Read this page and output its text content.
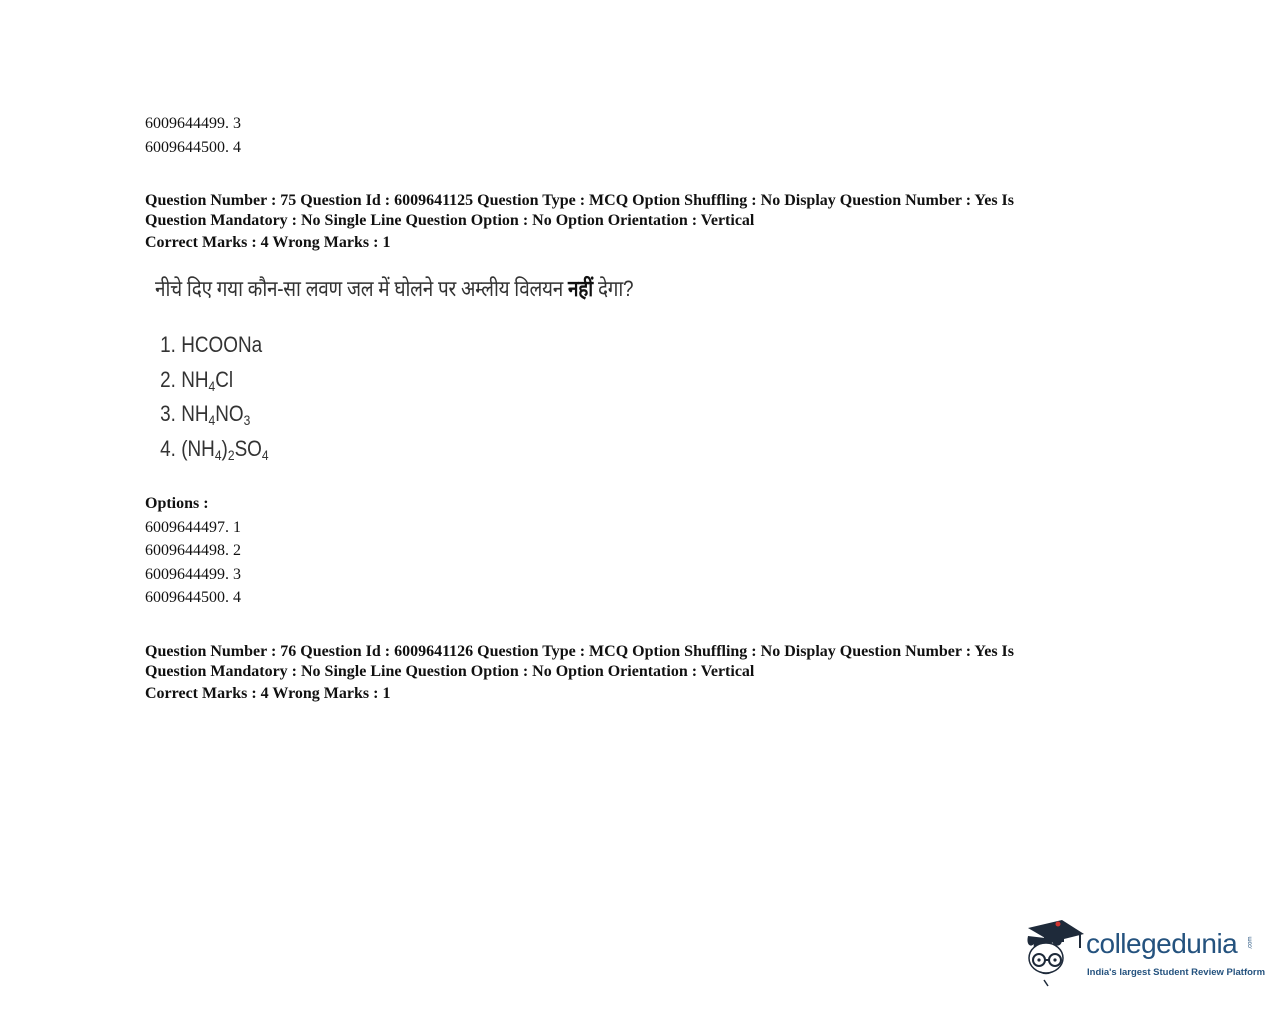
6009644499. 3
6009644500. 4
Question Number : 75 Question Id : 6009641125 Question Type : MCQ Option Shuffling : No Display Question Number : Yes Is
Question Mandatory : No Single Line Question Option : No Option Orientation : Vertical
Correct Marks : 4 Wrong Marks : 1
नीचे दिए गया कौन-सा लवण जल में घोलने पर अम्लीय विलयन नहीं देगा?
1. HCOONa
2. $NH_4Cl$
3. $NH_4NO_3$
4. $(NH_4)_2SO_4$
Options :
6009644497. 1
6009644498. 2
6009644499. 3
6009644500. 4
Question Number : 76 Question Id : 6009641126 Question Type : MCQ Option Shuffling : No Display Question Number : Yes Is
Question Mandatory : No Single Line Question Option : No Option Orientation : Vertical
Correct Marks : 4 Wrong Marks : 1
collegedunia .com
India's largest Student Review Platform
